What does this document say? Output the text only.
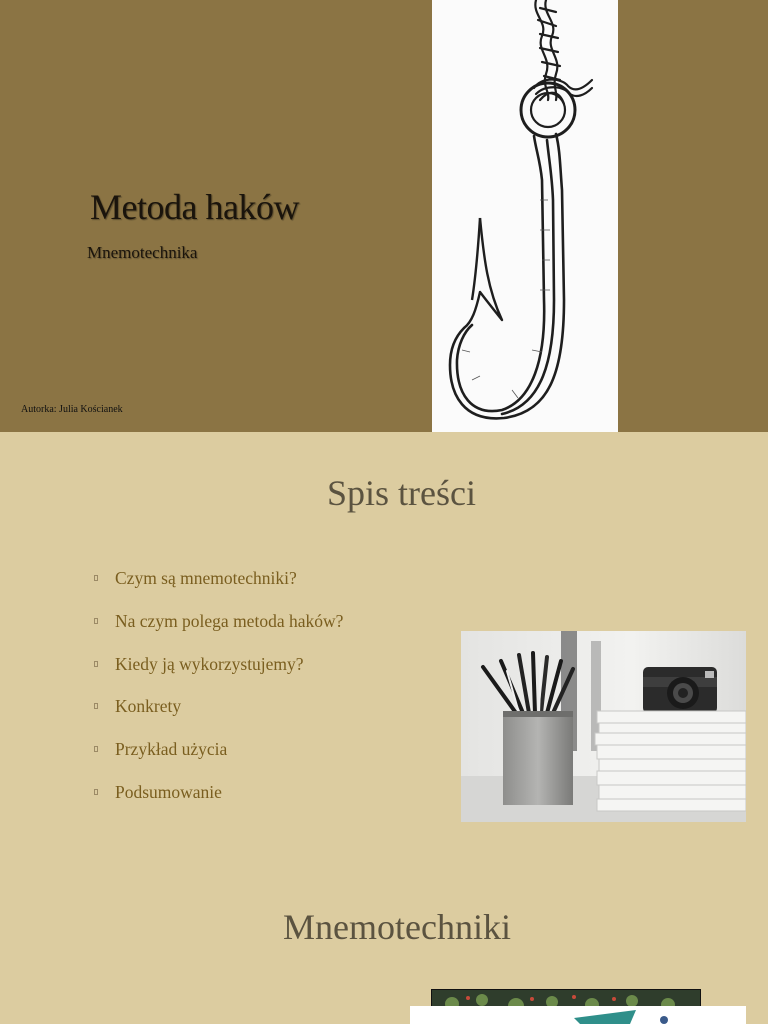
Metoda haków
Mnemotechnika
Autorka: Julia Kościanek
Spis treści
Czym są mnemotechniki?
Na czym polega metoda haków?
Kiedy ją wykorzystujemy?
Konkrety
Przykład użycia
Podsumowanie
Mnemotechniki
